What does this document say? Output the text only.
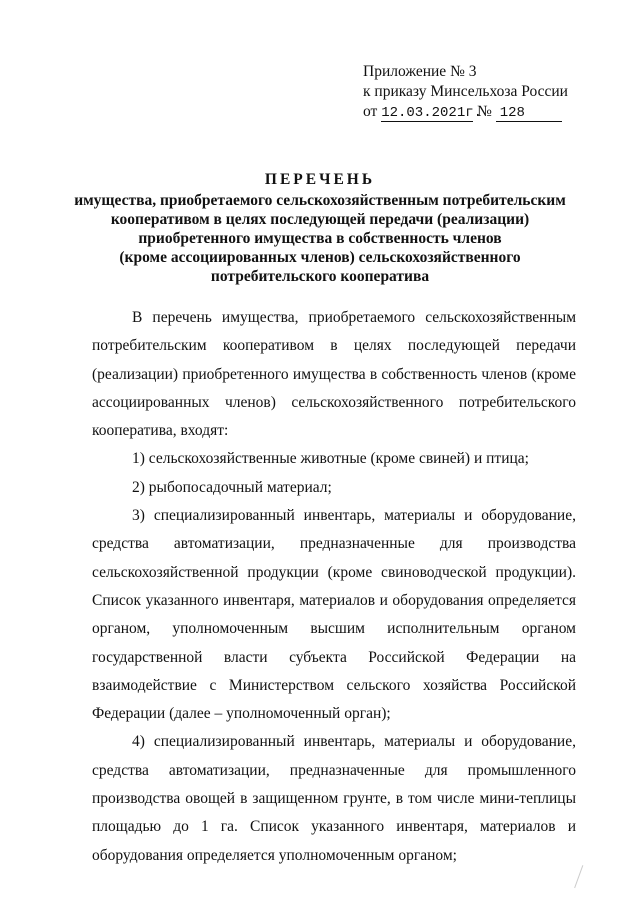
Приложение № 3
к приказу Минсельхоза России
от 12.03.2021г. № 128
ПЕРЕЧЕНЬ
имущества, приобретаемого сельскохозяйственным потребительским
кооперативом в целях последующей передачи (реализации)
приобретенного имущества в собственность членов
(кроме ассоциированных членов) сельскохозяйственного
потребительского кооператива

В перечень имущества, приобретаемого сельскохозяйственным потребительским кооперативом в целях последующей передачи (реализации) приобретенного имущества в собственность членов (кроме ассоциированных членов) сельскохозяйственного потребительского кооператива, входят:

1) сельскохозяйственные животные (кроме свиней) и птица;

2) рыбопосадочный материал;

3) специализированный инвентарь, материалы и оборудование, средства автоматизации, предназначенные для производства сельскохозяйственной продукции (кроме свиноводческой продукции). Список указанного инвентаря, материалов и оборудования определяется органом, уполномоченным высшим исполнительным органом государственной власти субъекта Российской Федерации на взаимодействие с Министерством сельского хозяйства Российской Федерации (далее – уполномоченный орган);

4) специализированный инвентарь, материалы и оборудование, средства автоматизации, предназначенные для промышленного производства овощей в защищенном грунте, в том числе мини-теплицы площадью до 1 га. Список указанного инвентаря, материалов и оборудования определяется уполномоченным органом;
